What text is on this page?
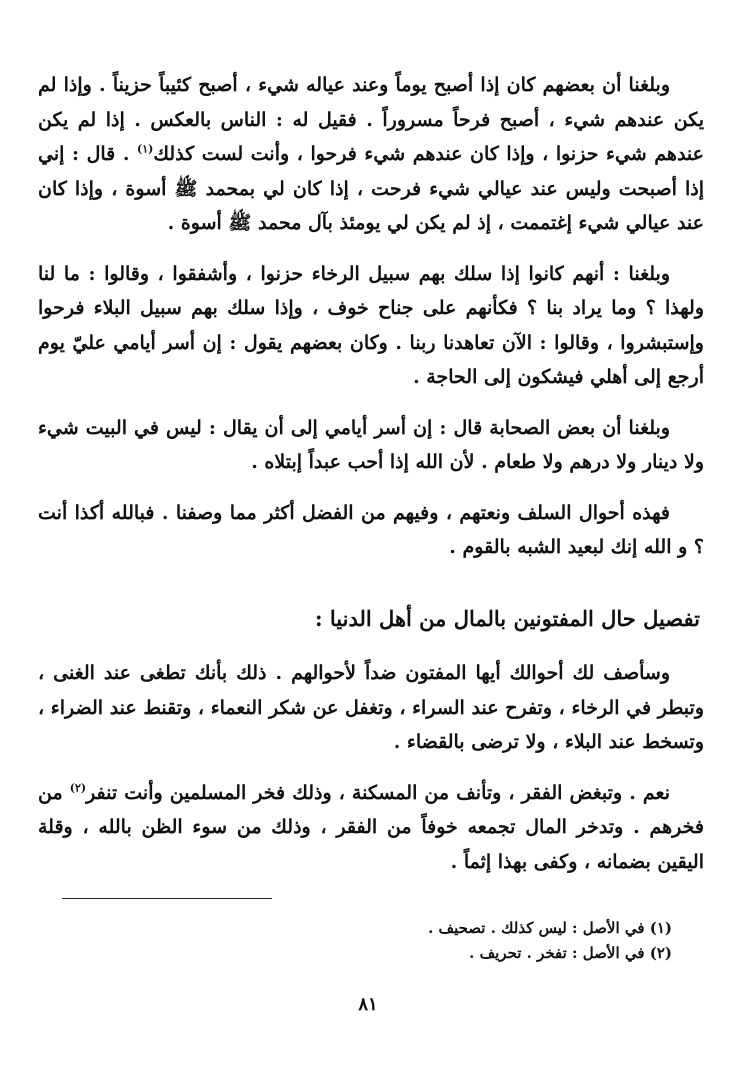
وبلغنا أن بعضهم كان إذا أصبح يوماً وعند عياله شيء ، أصبح كئيباً حزيناً . وإذا لم يكن عندهم شيء ، أصبح فرحاً مسروراً . فقيل له : الناس بالعكس . إذا لم يكن عندهم شيء حزنوا ، وإذا كان عندهم شيء فرحوا ، وأنت لست كذلك$^{(١)}$ . قال : إني إذا أصبحت وليس عند عيالي شيء فرحت ، إذا كان لي بمحمد ﷺ أسوة ، وإذا كان عند عيالي شيء إغتممت ، إذ لم يكن لي يومئذ بآل محمد ﷺ أسوة .

وبلغنا : أنهم كانوا إذا سلك بهم سبيل الرخاء حزنوا ، وأشفقوا ، وقالوا : ما لنا ولهذا ؟ وما يراد بنا ؟ فكأنهم على جناح خوف ، وإذا سلك بهم سبيل البلاء فرحوا وإستبشروا ، وقالوا : الآن تعاهدنا ربنا . وكان بعضهم يقول : إن أسر أيامي عليّ يوم أرجع إلى أهلي فيشكون إلى الحاجة .

وبلغنا أن بعض الصحابة قال : إن أسر أيامي إلى أن يقال : ليس في البيت شيء ولا دينار ولا درهم ولا طعام . لأن الله إذا أحب عبداً إبتلاه .

فهذه أحوال السلف ونعتهم ، وفيهم من الفضل أكثر مما وصفنا . فبالله أكذا أنت ؟ و الله إنك لبعيد الشبه بالقوم .

تفصيل حال المفتونين بالمال من أهل الدنيا :

وسأصف لك أحوالك أيها المفتون ضداً لأحوالهم . ذلك بأنك تطغى عند الغنى ، وتبطر في الرخاء ، وتفرح عند السراء ، وتغفل عن شكر النعماء ، وتقنط عند الضراء ، وتسخط عند البلاء ، ولا ترضى بالقضاء .

نعم . وتبغض الفقر ، وتأنف من المسكنة ، وذلك فخر المسلمين وأنت تنفر$^{(٢)}$ من فخرهم . وتدخر المال تجمعه خوفاً من الفقر ، وذلك من سوء الظن بالله ، وقلة اليقين بضمانه ، وكفى بهذا إثماً .

(١) في الأصل : ليس كذلك . تصحيف .
(٢) في الأصل : تفخر . تحريف .
٨١
